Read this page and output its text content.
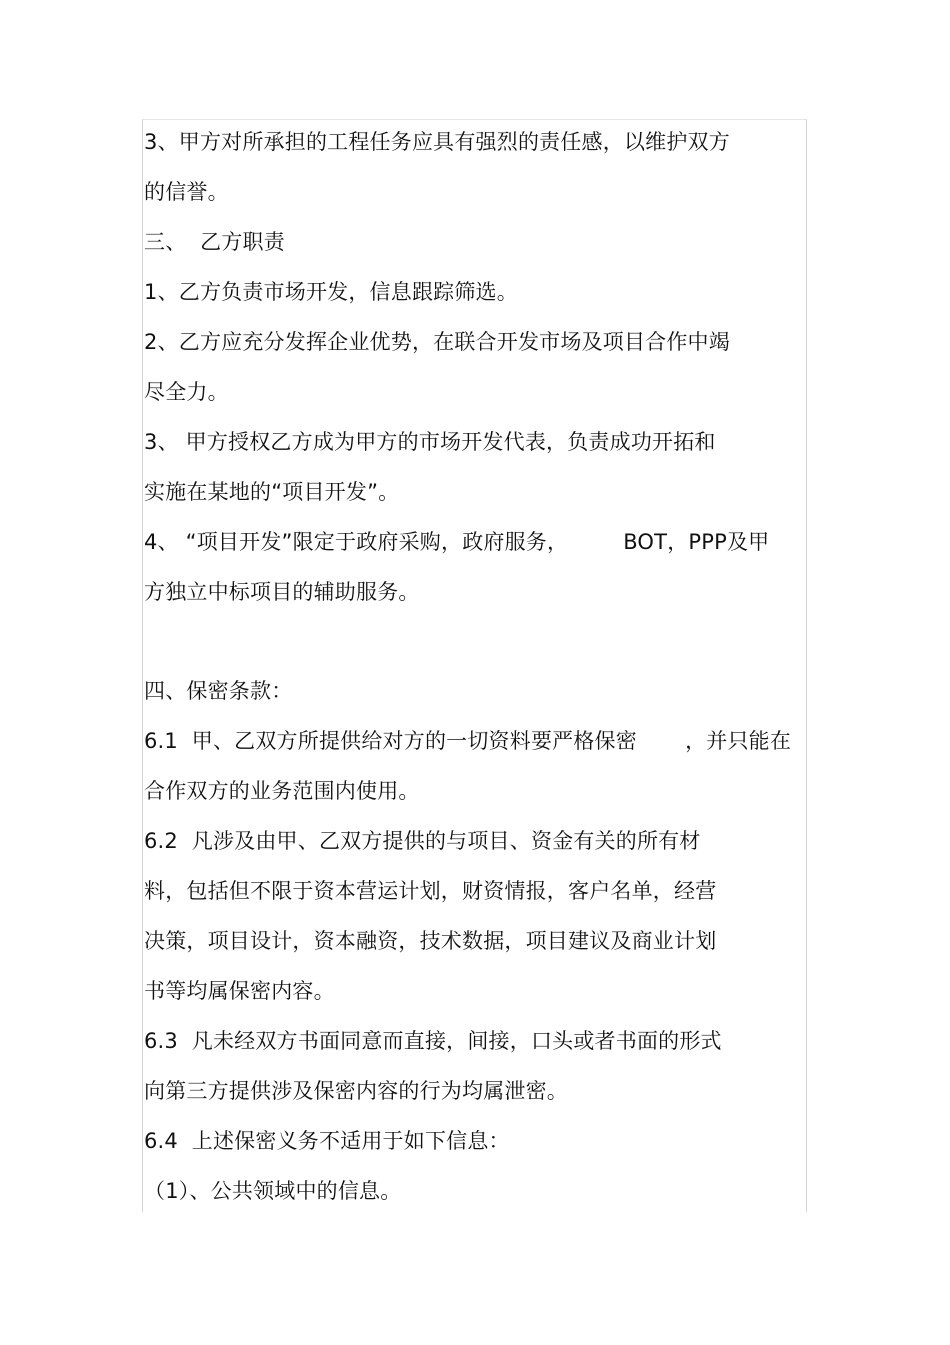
3、甲方对所承担的工程任务应具有强烈的责任感，以维护双方
的信誉。
三、  乙方职责
1、乙方负责市场开发，信息跟踪筛选。
2、乙方应充分发挥企业优势，在联合开发市场及项目合作中竭
尽全力。
3、 甲方授权乙方成为甲方的市场开发代表，负责成功开拓和
实施在某地的“项目开发”。
4、 “项目开发”限定于政府采购，政府服务，        BOT，PPP及甲
方独立中标项目的辅助服务。
四、保密条款：
6.1  甲、乙双方所提供给对方的一切资料要严格保密       ，并只能在
合作双方的业务范围内使用。
6.2  凡涉及由甲、乙双方提供的与项目、资金有关的所有材
料，包括但不限于资本营运计划，财资情报，客户名单，经营
决策，项目设计，资本融资，技术数据，项目建议及商业计划
书等均属保密内容。
6.3  凡未经双方书面同意而直接，间接，口头或者书面的形式
向第三方提供涉及保密内容的行为均属泄密。
6.4  上述保密义务不适用于如下信息：
（1）、公共领域中的信息。
